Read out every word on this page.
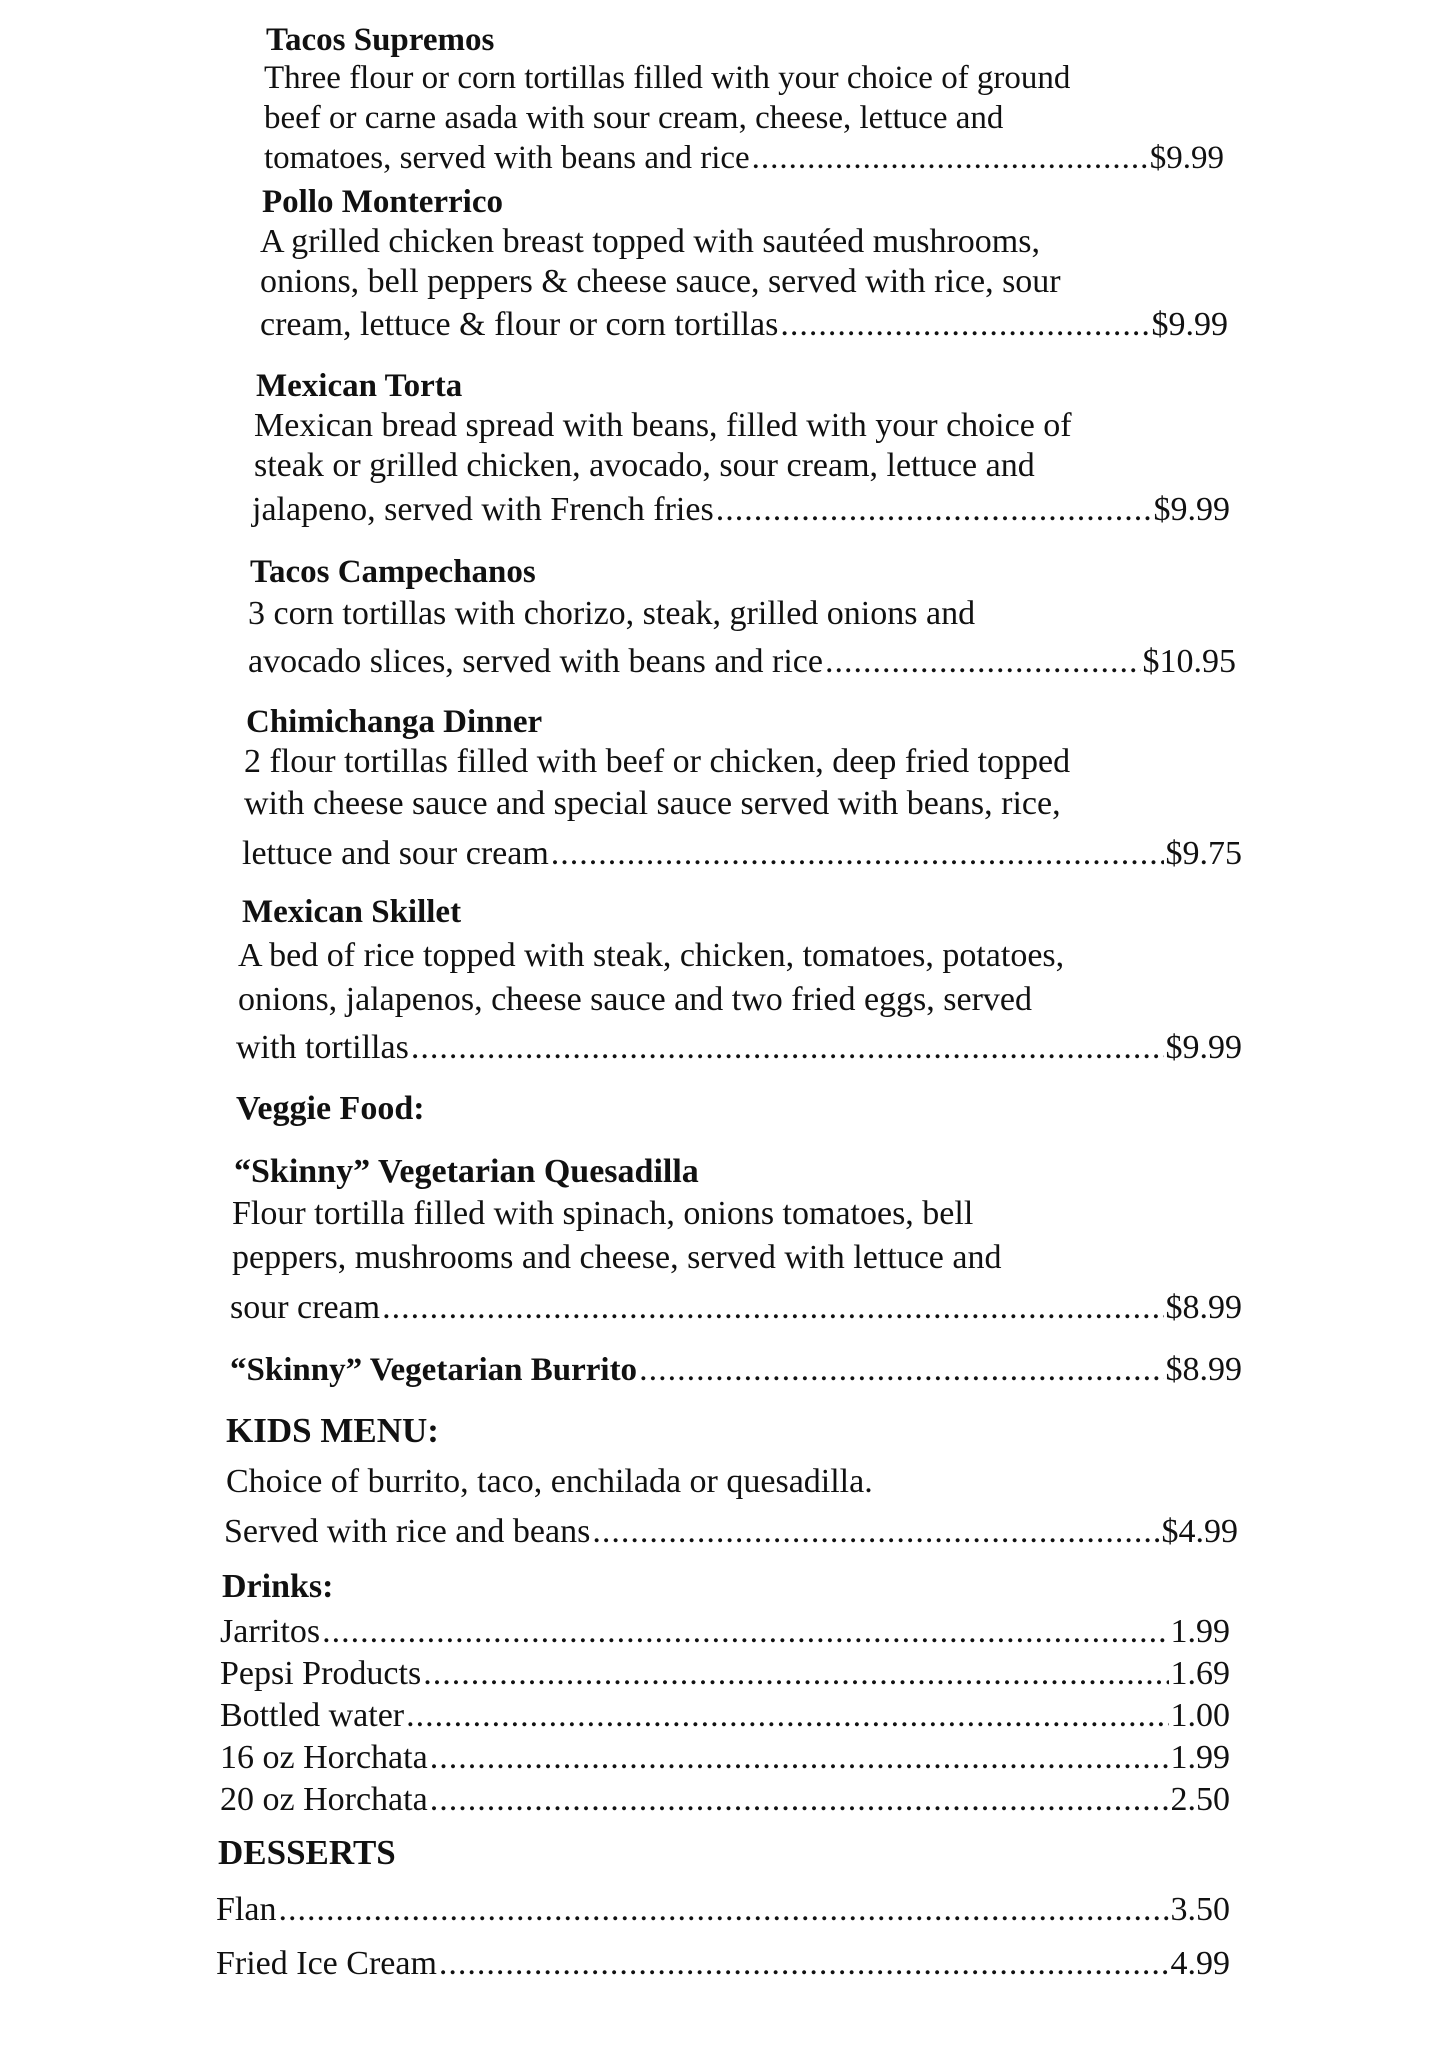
Tacos Supremos
Three flour or corn tortillas filled with your choice of ground
beef or carne asada with sour cream, cheese, lettuce and
tomatoes, served with beans and rice .....	$9.99
Pollo Monterrico
A grilled chicken breast topped with sautéed mushrooms,
onions, bell peppers & cheese sauce, served with rice, sour
cream, lettuce & flour or corn tortillas .....	$9.99
Mexican Torta
Mexican bread spread with beans, filled with your choice of
steak or grilled chicken, avocado, sour cream, lettuce and
jalapeno, served with French fries .....	$9.99
Tacos Campechanos
3 corn tortillas with chorizo, steak, grilled onions and
avocado slices, served with beans and rice .....	$10.95
Chimichanga Dinner
2 flour tortillas filled with beef or chicken, deep fried topped
with cheese sauce and special sauce served with beans, rice,
lettuce and sour cream .....	$9.75
Mexican Skillet
A bed of rice topped with steak, chicken, tomatoes, potatoes,
onions, jalapenos, cheese sauce and two fried eggs, served
with tortillas .....	$9.99
Veggie Food:
“Skinny” Vegetarian Quesadilla
Flour tortilla filled with spinach, onions tomatoes, bell
peppers, mushrooms and cheese, served with lettuce and
sour cream .....	$8.99
“Skinny” Vegetarian Burrito .....	$8.99
KIDS MENU:
Choice of burrito, taco, enchilada or quesadilla.
Served with rice and beans .....	$4.99
Drinks:
Jarritos .....	1.99
Pepsi Products .....	1.69
Bottled water .....	1.00
16 oz Horchata .....	1.99
20 oz Horchata .....	2.50
DESSERTS
Flan .....	3.50
Fried Ice Cream .....	4.99
